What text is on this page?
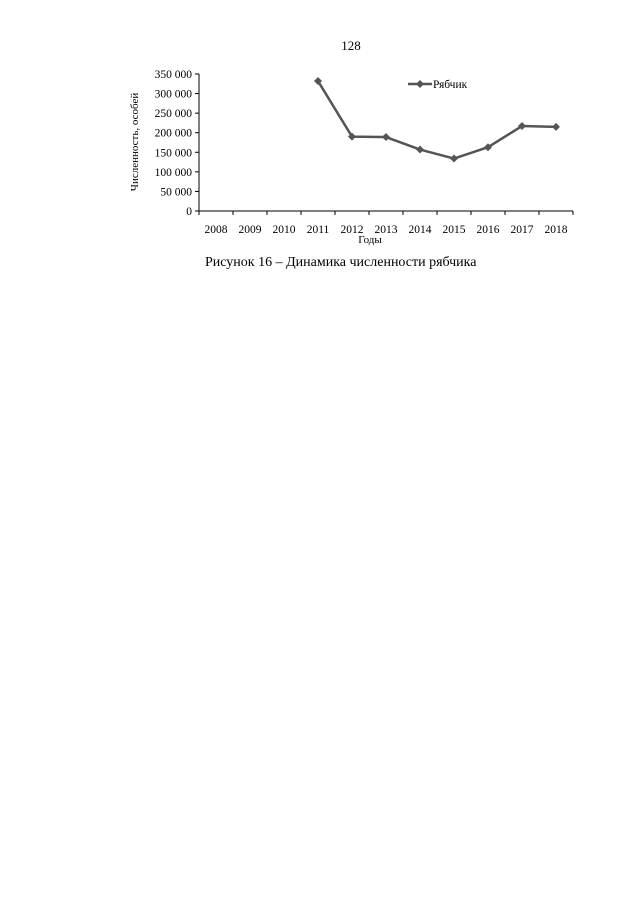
128
0
50 000
100 000
150 000
200 000
250 000
300 000
350 000
2008 2009 2010 2011 2012 2013 2014 2015 2016 2017 2018
Рябчик
Численность, особей
Годы
Рисунок 16 – Динамика численности рябчика
